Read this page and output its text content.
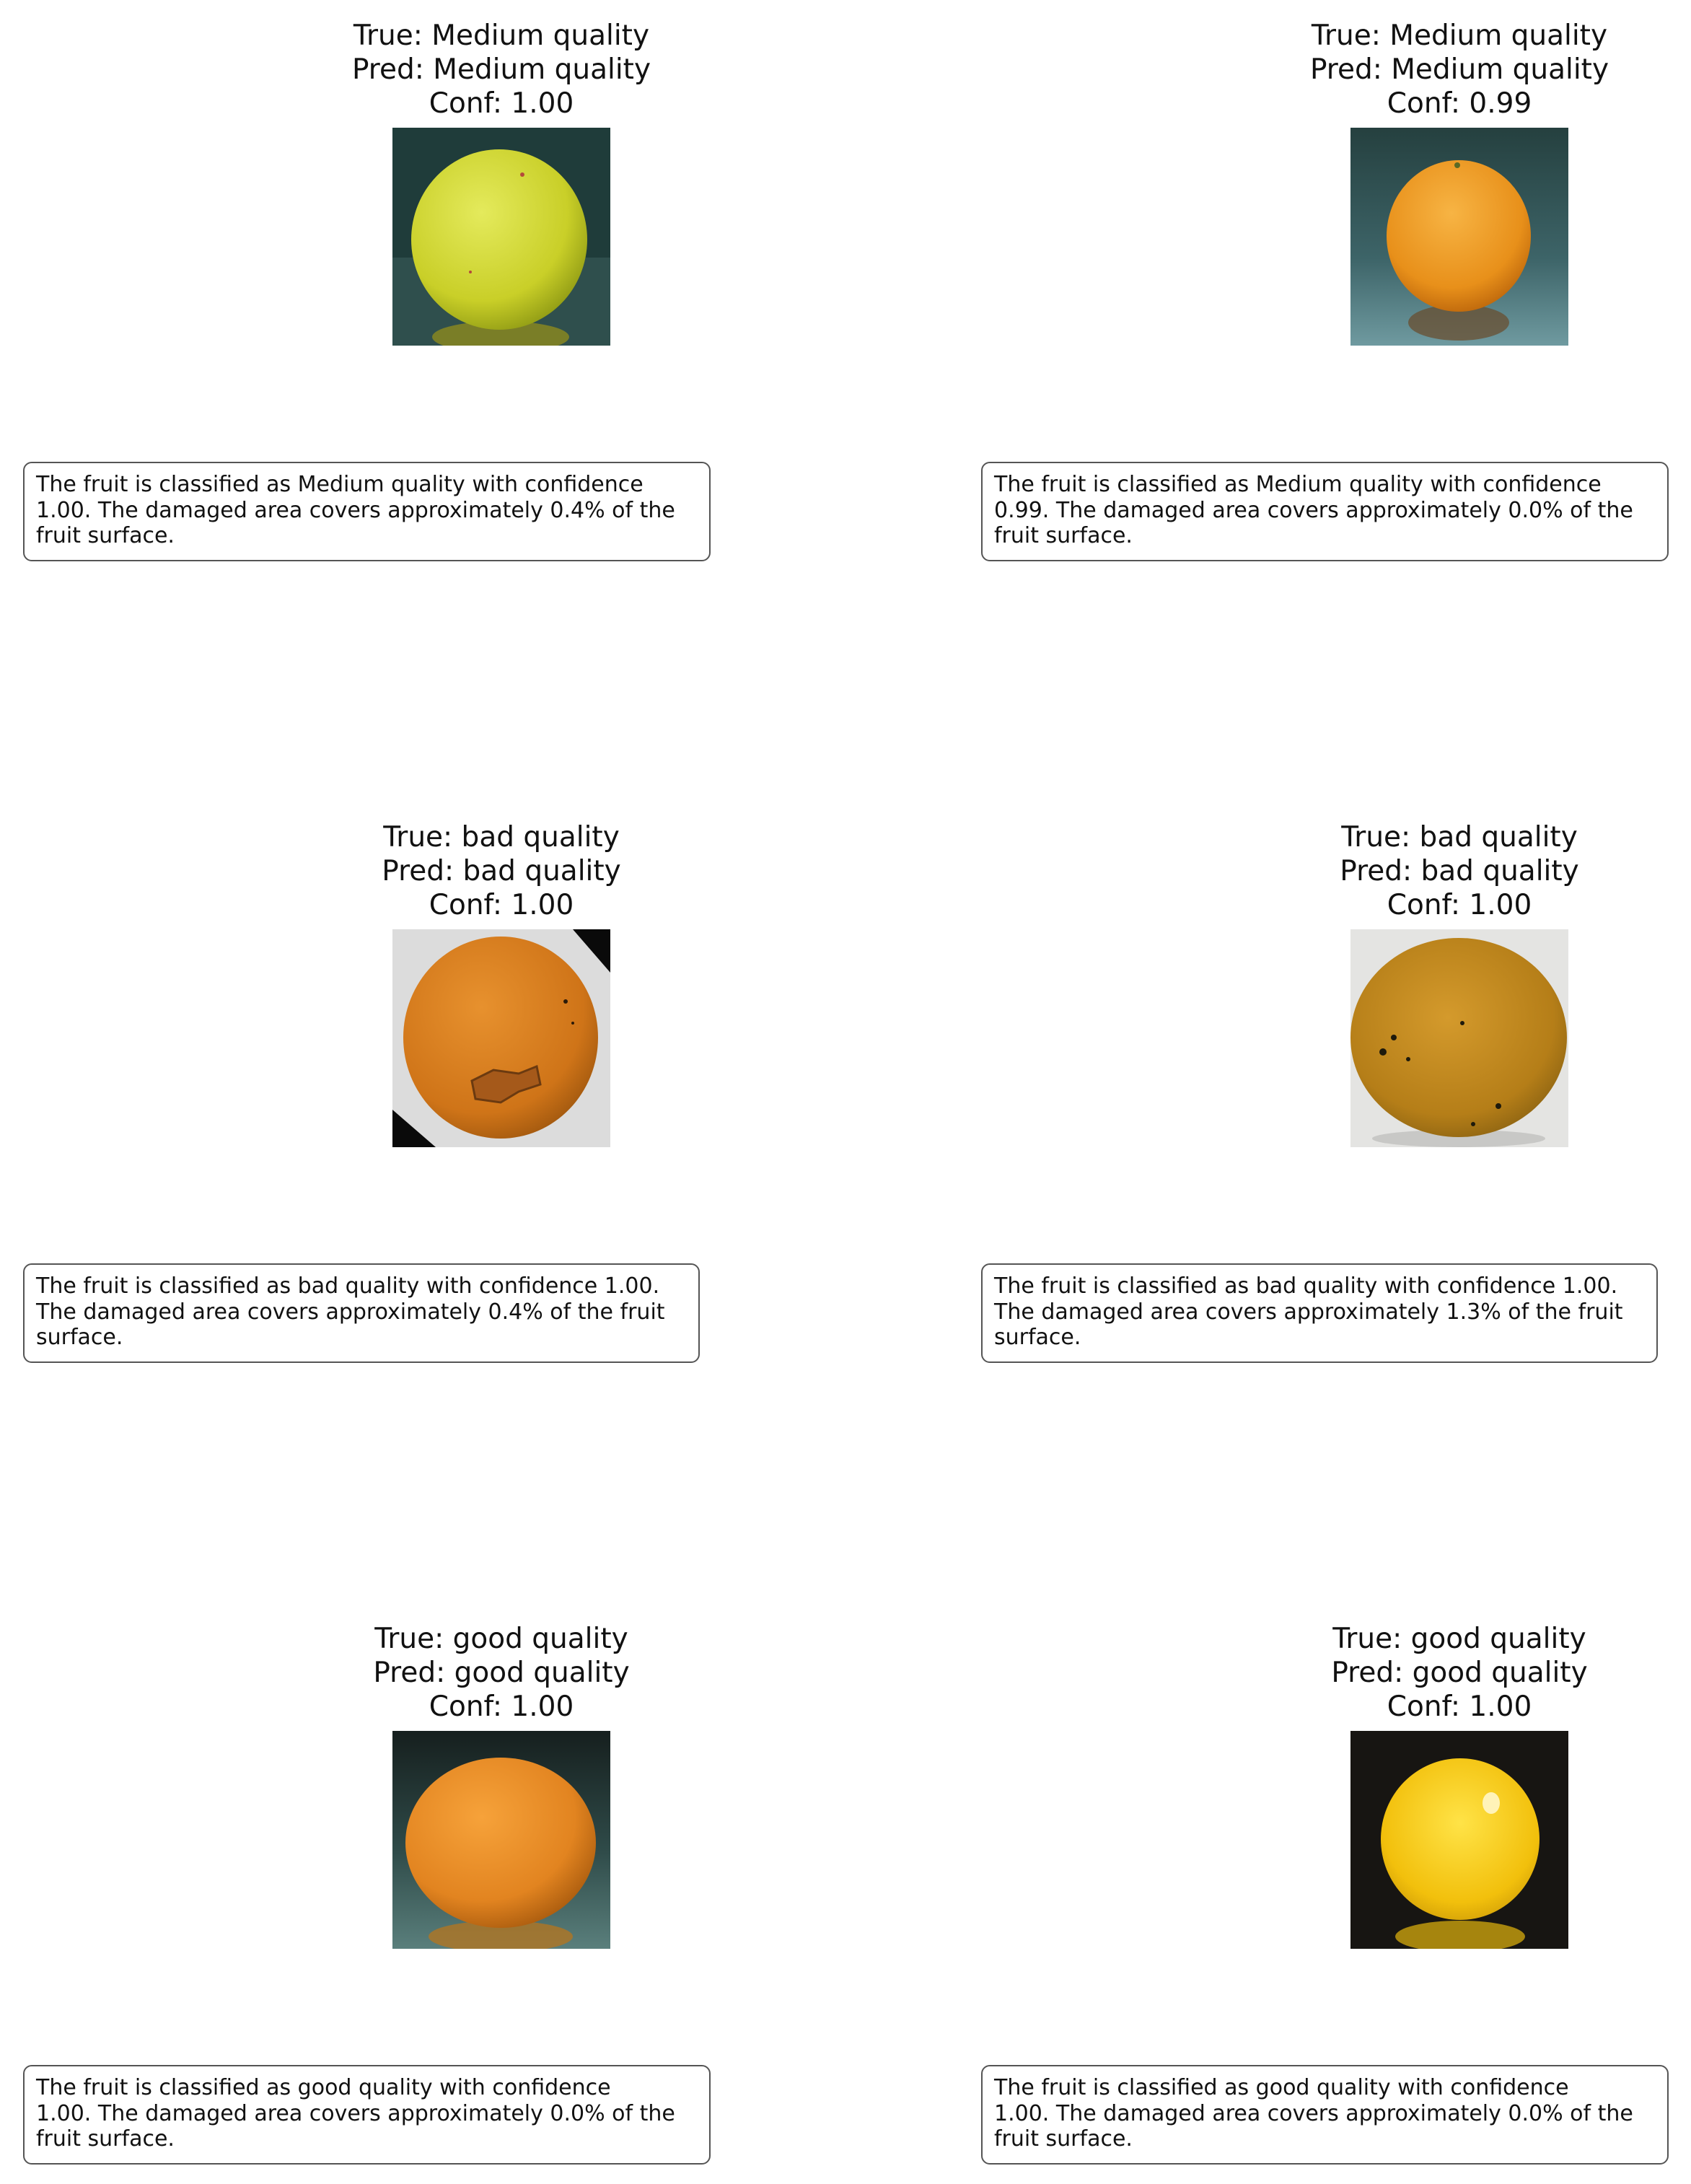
True: Medium quality
Pred: Medium quality
Conf: 1.00
The fruit is classified as Medium quality with confidence
1.00. The damaged area covers approximately 0.4% of the
fruit surface.
True: Medium quality
Pred: Medium quality
Conf: 0.99
The fruit is classified as Medium quality with confidence
0.99. The damaged area covers approximately 0.0% of the
fruit surface.
True: bad quality
Pred: bad quality
Conf: 1.00
The fruit is classified as bad quality with confidence 1.00.
The damaged area covers approximately 0.4% of the fruit
surface.
True: bad quality
Pred: bad quality
Conf: 1.00
The fruit is classified as bad quality with confidence 1.00.
The damaged area covers approximately 1.3% of the fruit
surface.
True: good quality
Pred: good quality
Conf: 1.00
The fruit is classified as good quality with confidence
1.00. The damaged area covers approximately 0.0% of the
fruit surface.
True: good quality
Pred: good quality
Conf: 1.00
The fruit is classified as good quality with confidence
1.00. The damaged area covers approximately 0.0% of the
fruit surface.
